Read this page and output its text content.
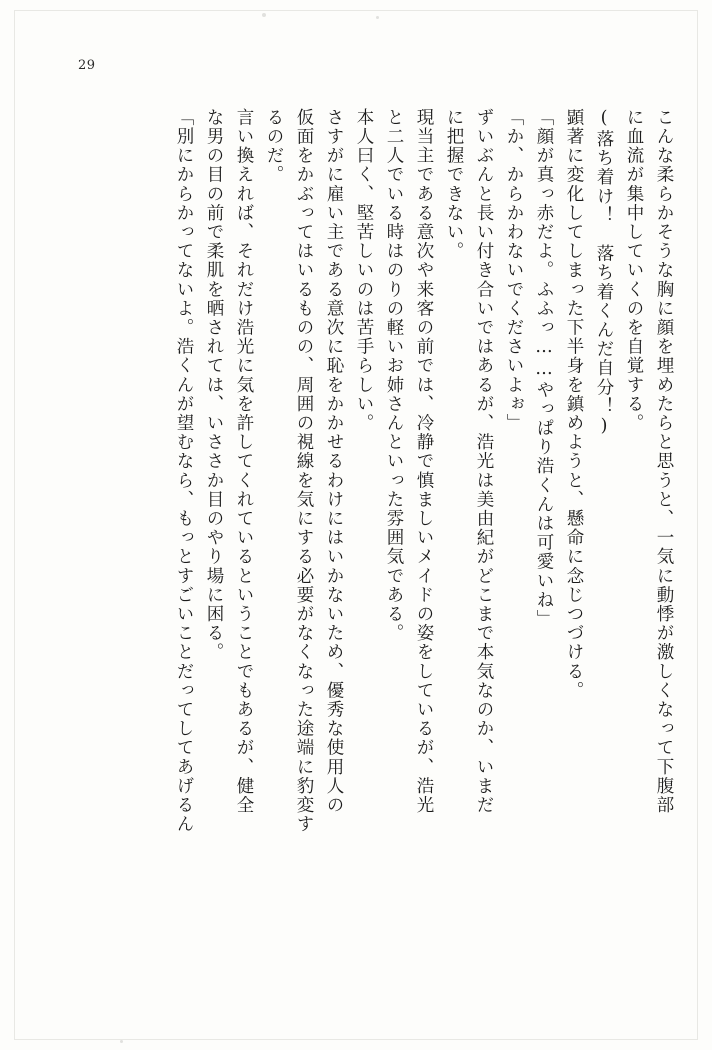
29
こんな柔らかそうな胸に顔を埋めたらと思うと、一気に動悸が激しくなって下腹部
に血流が集中していくのを自覚する。
(落ち着け！　落ち着くんだ自分！)
顕著に変化してしまった下半身を鎮めようと、懸命に念じつづける。
「顔が真っ赤だよ。ふふっ……やっぱり浩くんは可愛いね」
「か、からかわないでくださいよぉ」
ずいぶんと長い付き合いではあるが、浩光は美由紀がどこまで本気なのか、いまだ
に把握できない。
現当主である意次や来客の前では、冷静で慎ましいメイドの姿をしているが、浩光
と二人でいる時はのりの軽いお姉さんといった雰囲気である。
本人曰く、堅苦しいのは苦手らしい。
さすがに雇い主である意次に恥をかかせるわけにはいかないため、優秀な使用人の
仮面をかぶってはいるものの、周囲の視線を気にする必要がなくなった途端に豹変す
るのだ。
言い換えれば、それだけ浩光に気を許してくれているということでもあるが、健全
な男の目の前で柔肌を晒されては、いささか目のやり場に困る。
「別にからかってないよ。浩くんが望むなら、もっとすごいことだってしてあげるん
